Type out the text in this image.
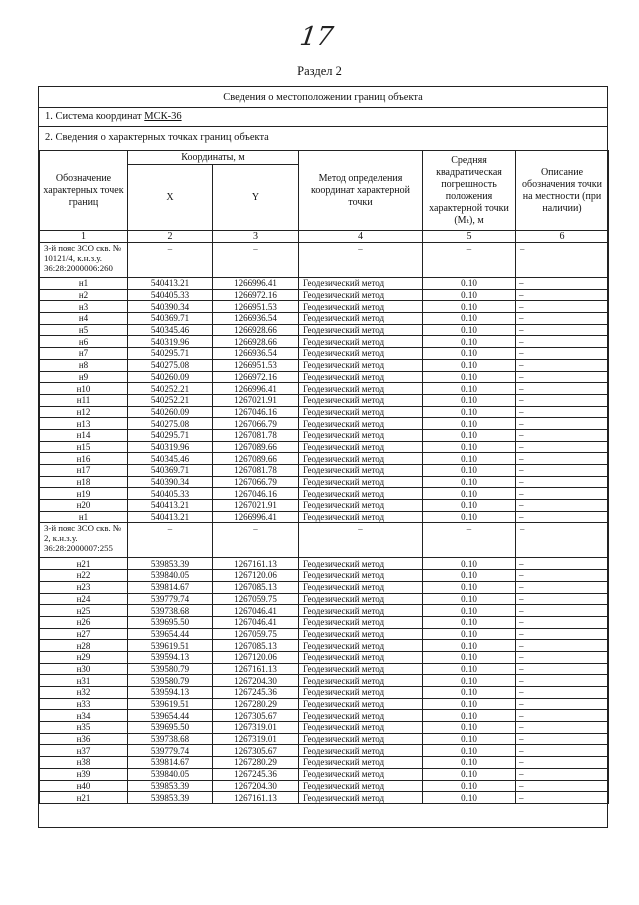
17
Раздел 2
Сведения о местоположении границ объекта
1. Система координат МСК-36
2. Сведения о характерных точках границ объекта
Обозначение характерных точек границ	Координаты, м		Метод определения координат характерной точки	Средняя квадратическая погрешность положения характерной точки (Mₜ), м	Описание обозначения точки на местности (при наличии)
	X	Y			
1	2	3	4	5	6
3-й пояс ЗСО скв. № 10121/4, к.н.з.у. 36:28:2000006:260	–	–	–	–	–
н1	540413.21	1266996.41	Геодезический метод	0.10	–
н2	540405.33	1266972.16	Геодезический метод	0.10	–
н3	540390.34	1266951.53	Геодезический метод	0.10	–
н4	540369.71	1266936.54	Геодезический метод	0.10	–
н5	540345.46	1266928.66	Геодезический метод	0.10	–
н6	540319.96	1266928.66	Геодезический метод	0.10	–
н7	540295.71	1266936.54	Геодезический метод	0.10	–
н8	540275.08	1266951.53	Геодезический метод	0.10	–
н9	540260.09	1266972.16	Геодезический метод	0.10	–
н10	540252.21	1266996.41	Геодезический метод	0.10	–
н11	540252.21	1267021.91	Геодезический метод	0.10	–
н12	540260.09	1267046.16	Геодезический метод	0.10	–
н13	540275.08	1267066.79	Геодезический метод	0.10	–
н14	540295.71	1267081.78	Геодезический метод	0.10	–
н15	540319.96	1267089.66	Геодезический метод	0.10	–
н16	540345.46	1267089.66	Геодезический метод	0.10	–
н17	540369.71	1267081.78	Геодезический метод	0.10	–
н18	540390.34	1267066.79	Геодезический метод	0.10	–
н19	540405.33	1267046.16	Геодезический метод	0.10	–
н20	540413.21	1267021.91	Геодезический метод	0.10	–
н1	540413.21	1266996.41	Геодезический метод	0.10	–
3-й пояс ЗСО скв. № 2, к.н.з.у. 36:28:2000007:255	–	–	–	–	–
н21	539853.39	1267161.13	Геодезический метод	0.10	–
н22	539840.05	1267120.06	Геодезический метод	0.10	–
н23	539814.67	1267085.13	Геодезический метод	0.10	–
н24	539779.74	1267059.75	Геодезический метод	0.10	–
н25	539738.68	1267046.41	Геодезический метод	0.10	–
н26	539695.50	1267046.41	Геодезический метод	0.10	–
н27	539654.44	1267059.75	Геодезический метод	0.10	–
н28	539619.51	1267085.13	Геодезический метод	0.10	–
н29	539594.13	1267120.06	Геодезический метод	0.10	–
н30	539580.79	1267161.13	Геодезический метод	0.10	–
н31	539580.79	1267204.30	Геодезический метод	0.10	–
н32	539594.13	1267245.36	Геодезический метод	0.10	–
н33	539619.51	1267280.29	Геодезический метод	0.10	–
н34	539654.44	1267305.67	Геодезический метод	0.10	–
н35	539695.50	1267319.01	Геодезический метод	0.10	–
н36	539738.68	1267319.01	Геодезический метод	0.10	–
н37	539779.74	1267305.67	Геодезический метод	0.10	–
н38	539814.67	1267280.29	Геодезический метод	0.10	–
н39	539840.05	1267245.36	Геодезический метод	0.10	–
н40	539853.39	1267204.30	Геодезический метод	0.10	–
н21	539853.39	1267161.13	Геодезический метод	0.10	–
